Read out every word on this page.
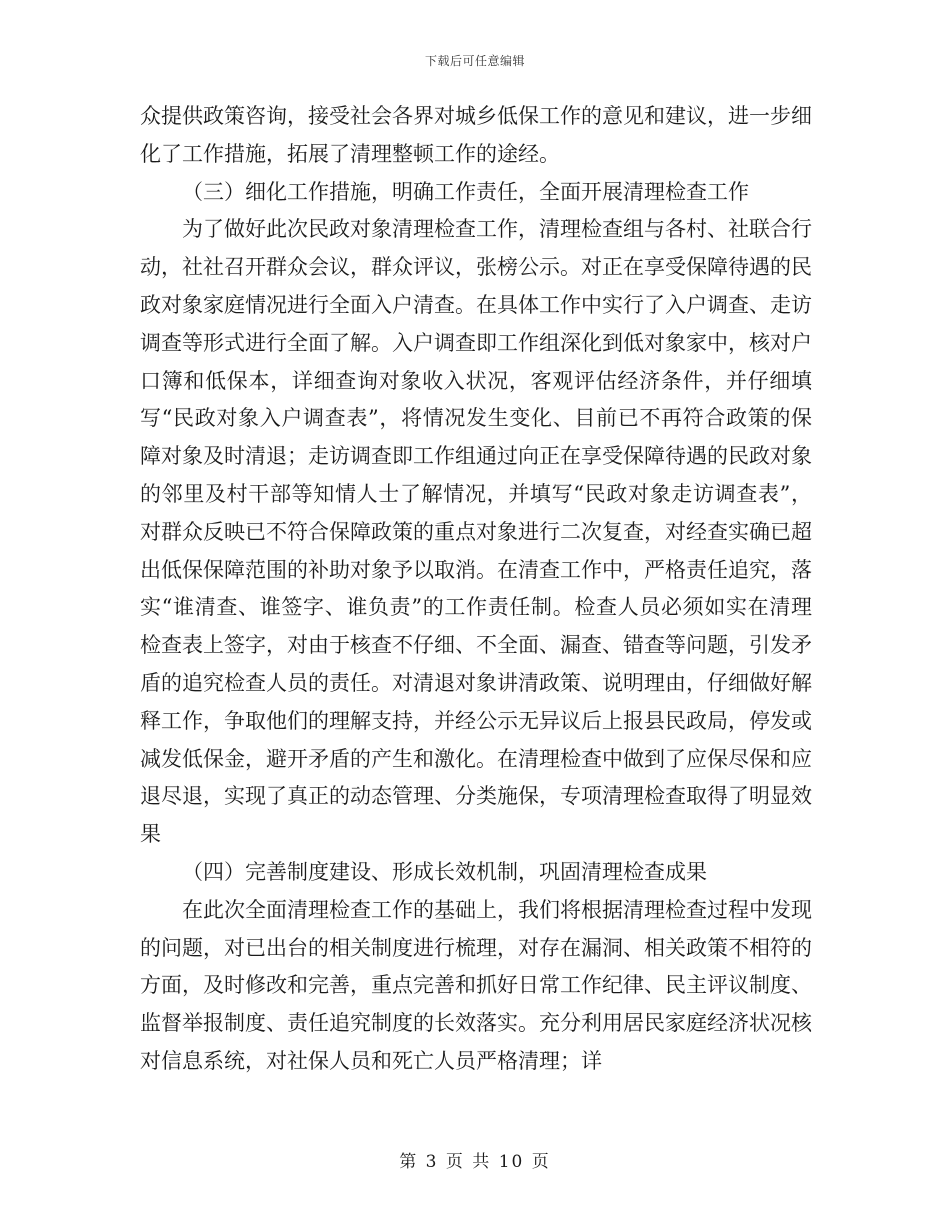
下载后可任意编辑

众提供政策咨询，接受社会各界对城乡低保工作的意见和建议，进一步细化了工作措施，拓展了清理整顿工作的途经。

（三）细化工作措施，明确工作责任，全面开展清理检查工作

为了做好此次民政对象清理检查工作，清理检查组与各村、社联合行动，社社召开群众会议，群众评议，张榜公示。对正在享受保障待遇的民政对象家庭情况进行全面入户清查。在具体工作中实行了入户调查、走访调查等形式进行全面了解。入户调查即工作组深化到低对象家中，核对户口簿和低保本，详细查询对象收入状况，客观评估经济条件，并仔细填写“民政对象入户调查表”，将情况发生变化、目前已不再符合政策的保障对象及时清退；走访调查即工作组通过向正在享受保障待遇的民政对象的邻里及村干部等知情人士了解情况，并填写“民政对象走访调查表”，对群众反映已不符合保障政策的重点对象进行二次复查，对经查实确已超出低保保障范围的补助对象予以取消。在清查工作中，严格责任追究，落实“谁清查、谁签字、谁负责”的工作责任制。检查人员必须如实在清理检查表上签字，对由于核查不仔细、不全面、漏查、错查等问题，引发矛盾的追究检查人员的责任。对清退对象讲清政策、说明理由，仔细做好解释工作，争取他们的理解支持，并经公示无异议后上报县民政局，停发或减发低保金，避开矛盾的产生和激化。在清理检查中做到了应保尽保和应退尽退，实现了真正的动态管理、分类施保，专项清理检查取得了明显效果

（四）完善制度建设、形成长效机制，巩固清理检查成果

在此次全面清理检查工作的基础上，我们将根据清理检查过程中发现的问题，对已出台的相关制度进行梳理，对存在漏洞、相关政策不相符的方面，及时修改和完善，重点完善和抓好日常工作纪律、民主评议制度、监督举报制度、责任追究制度的长效落实。充分利用居民家庭经济状况核对信息系统，对社保人员和死亡人员严格清理；详

第 3 页 共 10 页
